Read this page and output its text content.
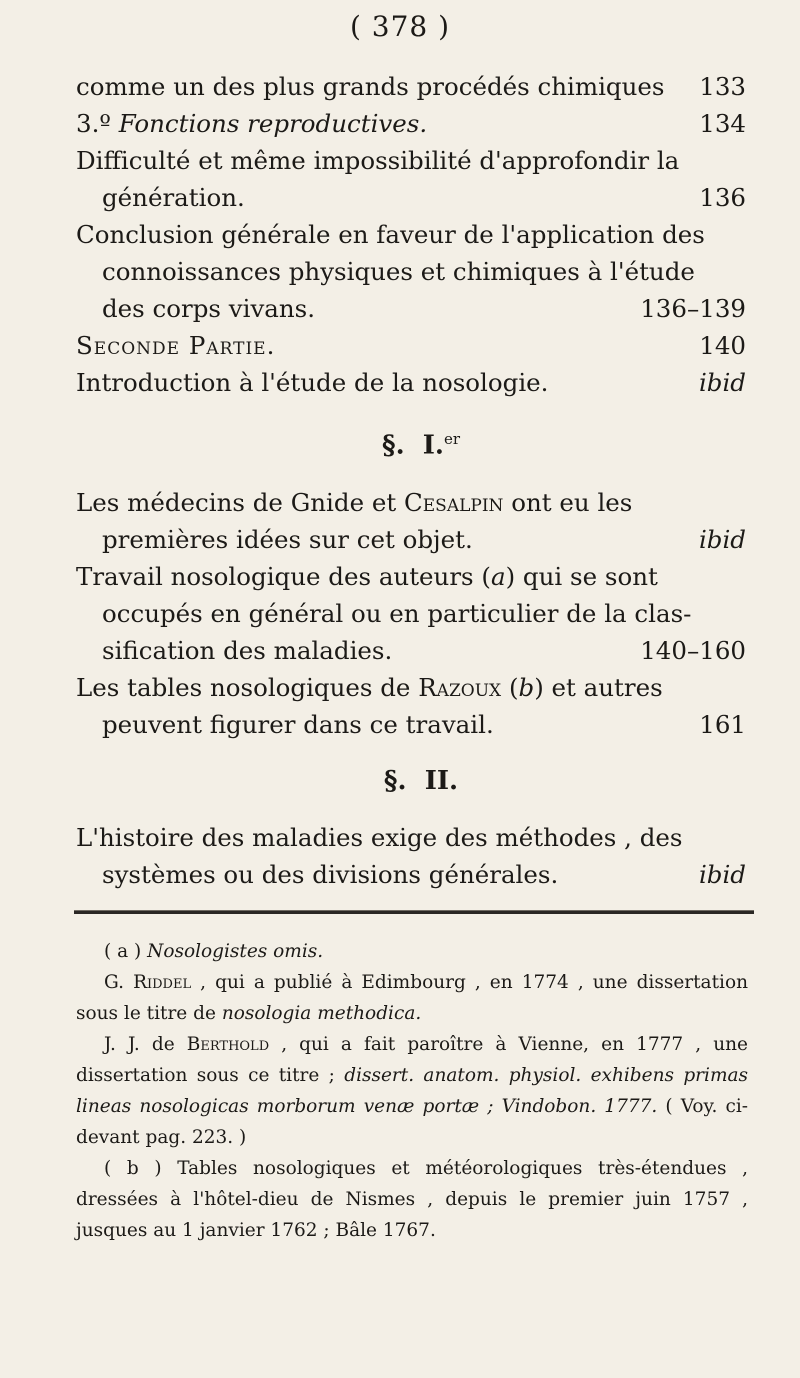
( 378 )
comme un des plus grands procédés chimiques	133
3.º Fonctions reproductives.	134
Difficulté et même impossibilité d'approfondir la
génération.	136
Conclusion générale en faveur de l'application des
connoissances physiques et chimiques à l'étude
des corps vivans.	136–139
Seconde Partie.	140
Introduction à l'étude de la nosologie.	ibid
§. I.$^{er}$
Les médecins de Gnide et Cesalpin ont eu les
premières idées sur cet objet.	ibid
Travail nosologique des auteurs (a) qui se sont
occupés en général ou en particulier de la clas-
sification des maladies.	140–160
Les tables nosologiques de Razoux (b) et autres
peuvent figurer dans ce travail.	161
§. II.
L'histoire des maladies exige des méthodes , des
systèmes ou des divisions générales.	ibid

( a ) Nosologistes omis.

G. Riddel , qui a publié à Edimbourg , en 1774 , une dissertation sous le titre de nosologia methodica.

J. J. de Berthold , qui a fait paroître à Vienne, en 1777 , une dissertation sous ce titre ; dissert. anatom. physiol. exhibens primas lineas nosologicas morborum venæ portæ ; Vindobon. 1777. ( Voy. ci-devant pag. 223. )

( b ) Tables nosologiques et météorologiques très-étendues , dressées à l'hôtel-dieu de Nismes , depuis le premier juin 1757 , jusques au 1 janvier 1762 ; Bâle 1767.
